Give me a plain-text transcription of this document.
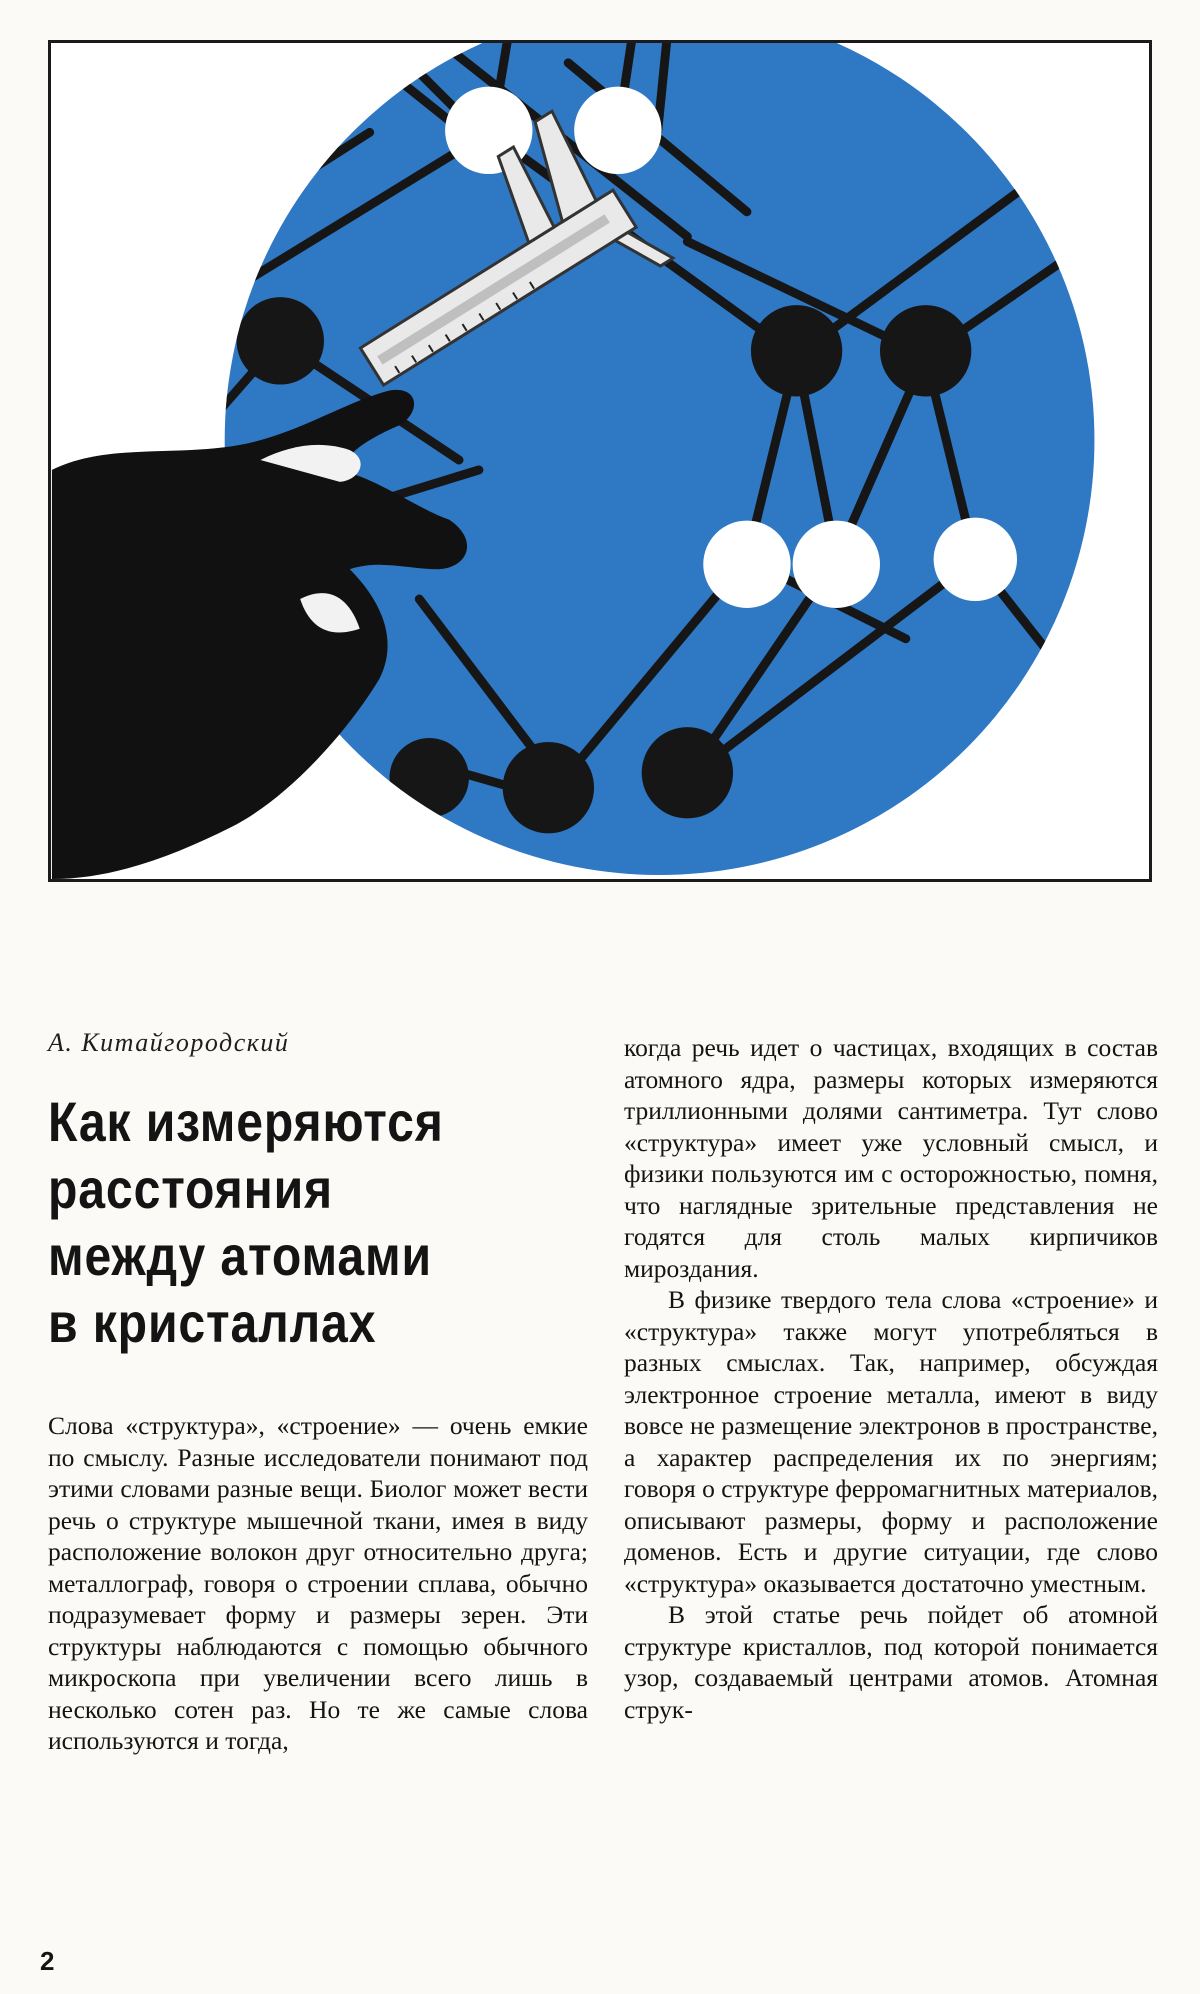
А. Китайгородский

Как измеряются
расстояния
между атомами
в кристаллах

Слова «структура», «строение» — очень емкие по смыслу. Разные исследователи понимают под этими словами разные вещи. Биолог может вести речь о структуре мышечной ткани, имея в виду расположение волокон друг относительно друга; металлограф, говоря о строении сплава, обычно подразумевает форму и размеры зерен. Эти структуры наблюдаются с помощью обычного микроскопа при увеличении всего лишь в несколько сотен раз. Но те же самые слова используются и тогда,

когда речь идет о частицах, входящих в состав атомного ядра, размеры которых измеряются триллионными долями сантиметра. Тут слово «структура» имеет уже условный смысл, и физики пользуются им с осторожностью, помня, что наглядные зрительные представления не годятся для столь малых кирпичиков мироздания.

В физике твердого тела слова «строение» и «структура» также могут употребляться в разных смыслах. Так, например, обсуждая электронное строение металла, имеют в виду вовсе не размещение электронов в пространстве, а характер распределения их по энергиям; говоря о структуре ферромагнитных материалов, описывают размеры, форму и расположение доменов. Есть и другие ситуации, где слово «структура» оказывается достаточно уместным.

В этой статье речь пойдет об атомной структуре кристаллов, под которой понимается узор, создаваемый центрами атомов. Атомная струк-

2
